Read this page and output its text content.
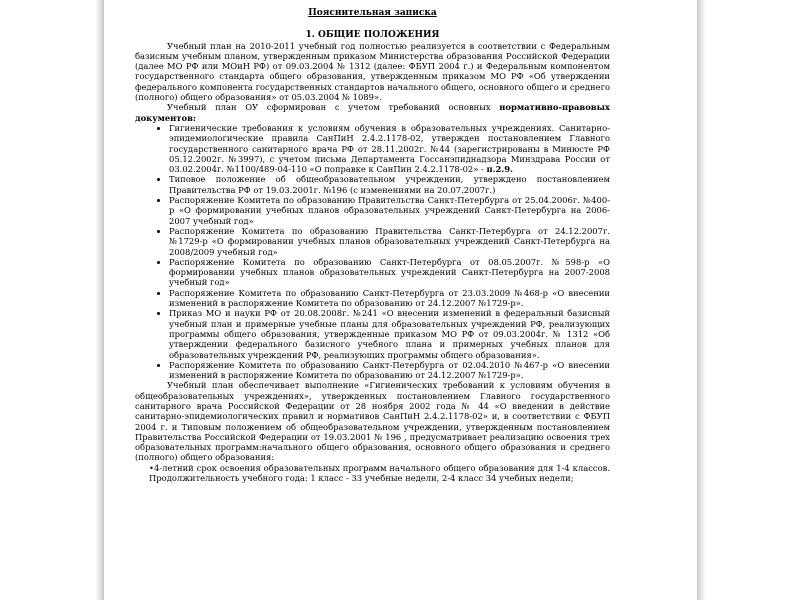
Пояснительная записка
1. ОБЩИЕ ПОЛОЖЕНИЯ

Учебный план на 2010-2011 учебный год полностью реализуется в соответствии с Федеральным базисным учебным планом, утвержденным приказом Министерства образования Российской Федерации (далее МО РФ или МОиН РФ) от 09.03.2004 № 1312 (далее: ФБУП 2004 г.) и Федеральным компонентом государственного стандарта общего образования, утвержденным приказом МО РФ «Об утверждении федерального компонента государственных стандартов начального общего, основного общего и среднего (полного) общего образования» от 05.03.2004 № 1089».

Учебный план ОУ сформирован с учетом требований основных нормативно-правовых документов:

• Гигиенические требования к условиям обучения в образовательных учреждениях. Санитарно-эпидемиологические правила СанПиН 2.4.2.1178-02, утвержден постановлением Главного государственного санитарного врача РФ от 28.11.2002г. №44 (зарегистрированы в Минюсте РФ 05.12.2002г. №3997), с учетом письма Департамента Госсанэпиднадзора Минздрава России от 03.02.2004г. №1100/489-04-110 «О поправке к СанПин 2.4.2.1178-02» - п.2.9.
• Типовое положение об общеобразовательном учреждении, утверждено постановлением Правительства РФ от 19.03.2001г. №196 (с изменениями на 20.07.2007г.)
• Распоряжение Комитета по образованию Правительства Санкт-Петербурга от 25.04.2006г. №400-р «О формировании учебных планов образовательных учреждений Санкт-Петербурга на 2006-2007 учебный год»
• Распоряжение Комитета по образованию Правительства Санкт-Петербурга от 24.12.2007г. №1729-р «О формировании учебных планов образовательных учреждений Санкт-Петербурга на 2008/2009 учебный год»
• Распоряжение Комитета по образованию Санкт-Петербурга от 08.05.2007г. №598-р «О формировании учебных планов образовательных учреждений Санкт-Петербурга на 2007-2008 учебный год»
• Распоряжение Комитета по образованию Санкт-Петербурга от 23.03.2009 №468-р «О внесении изменений в распоряжение Комитета по образованию от 24.12.2007 №1729-р».
• Приказ МО и науки РФ от 20.08.2008г. №241 «О внесении изменений в федеральный базисный учебный план и примерные учебные планы для образовательных учреждений РФ, реализующих программы общего образования, утвержденные приказом МО РФ от 09.03.2004г. № 1312 «Об утверждении федерального базисного учебного плана и примерных учебных планов для образовательных учреждений РФ, реализующих программы общего образования».
• Распоряжение Комитета по образованию Санкт-Петербурга от 02.04.2010 №467-р «О внесении изменений в распоряжение Комитета по образованию от 24.12.2007 №1729-р».

Учебный план обеспечивает выполнение «Гигиенических требований к условиям обучения в общеобразовательных учреждениях», утвержденных постановлением Главного государственного санитарного врача Российской Федерации от 28 ноября 2002 года № 44 «О введении в действие санитарно-эпидемиологических правил и нормативов СанПиН 2.4.2.1178-02» и, в соответствии с ФБУП 2004 г. и Типовым положением об общеобразовательном учреждении, утвержденным постановлением Правительства Российской Федерации от 19.03.2001 № 196 , предусматривает реализацию освоения трех образовательных программ:начального общего образования, основного общего образования и среднего (полного) общего образования:

•4-летний срок освоения образовательных программ начального общего образования для 1-4 классов. Продолжительность учебного года: 1 класс - 33 учебные недели, 2-4 класс 34 учебных недели;
